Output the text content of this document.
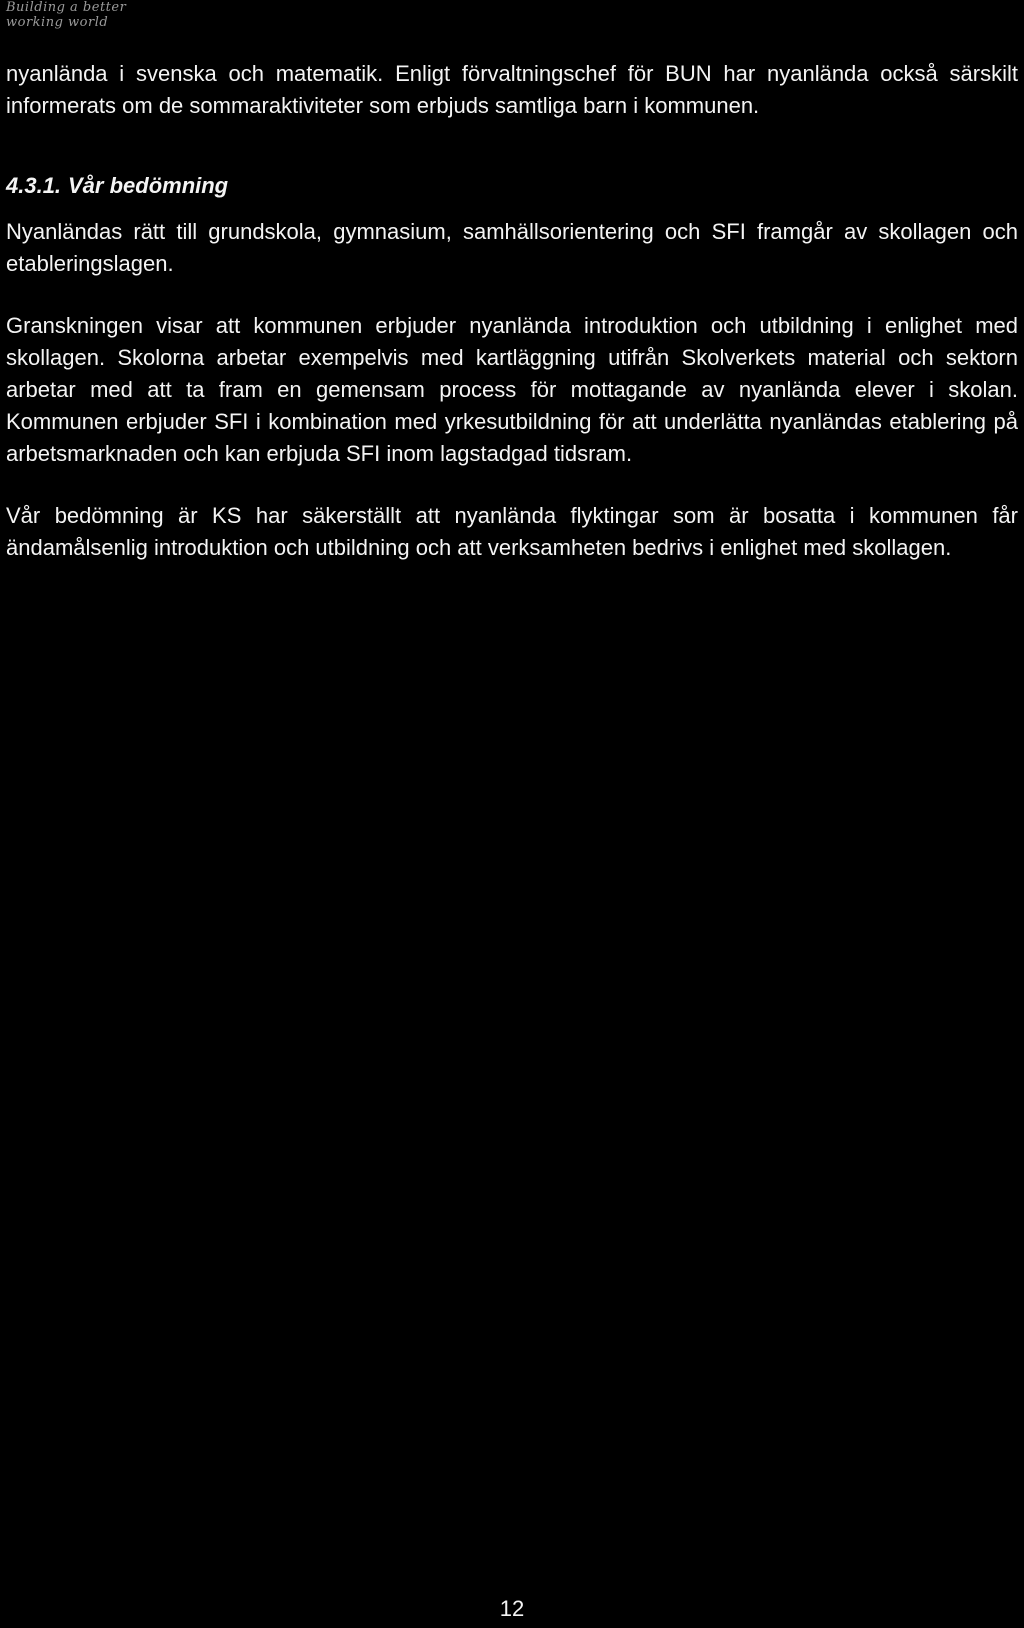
Building a better
working world

nyanlända i svenska och matematik. Enligt förvaltningschef för BUN har nyanlända också särskilt informerats om de sommaraktiviteter som erbjuds samtliga barn i kommunen.

4.3.1. Vår bedömning

Nyanländas rätt till grundskola, gymnasium, samhällsorientering och SFI framgår av skollagen och etableringslagen.

Granskningen visar att kommunen erbjuder nyanlända introduktion och utbildning i enlighet med skollagen. Skolorna arbetar exempelvis med kartläggning utifrån Skolverkets material och sektorn arbetar med att ta fram en gemensam process för mottagande av nyanlända elever i skolan. Kommunen erbjuder SFI i kombination med yrkesutbildning för att underlätta nyanländas etablering på arbetsmarknaden och kan erbjuda SFI inom lagstadgad tidsram.

Vår bedömning är KS har säkerställt att nyanlända flyktingar som är bosatta i kommunen får ändamålsenlig introduktion och utbildning och att verksamheten bedrivs i enlighet med skollagen.

12
